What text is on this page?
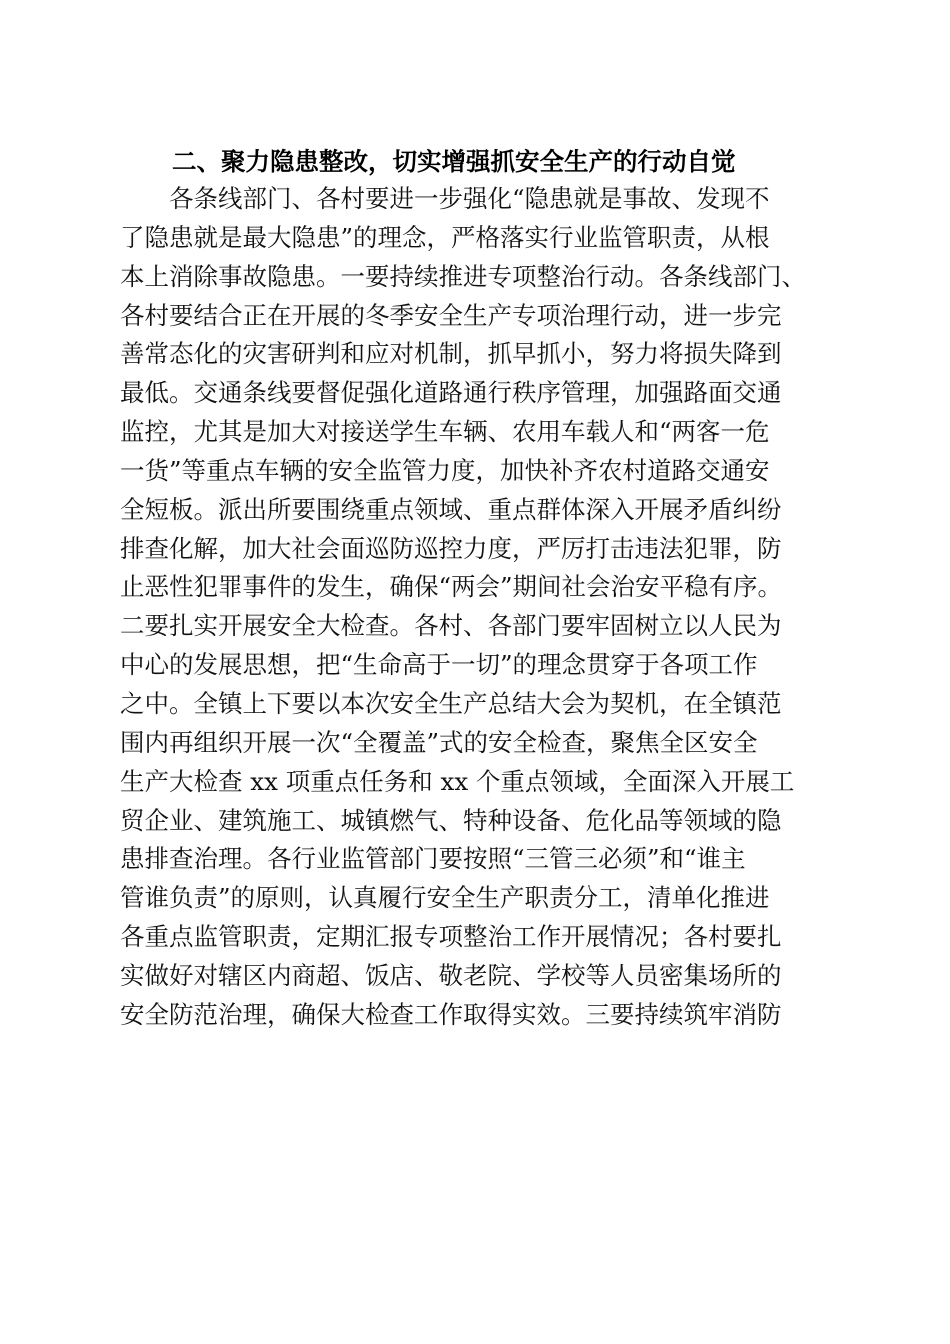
二、聚力隐患整改，切实增强抓安全生产的行动自觉
各条线部门、各村要进一步强化“隐患就是事故、发现不
了隐患就是最大隐患”的理念，严格落实行业监管职责，从根
本上消除事故隐患。一要持续推进专项整治行动。各条线部门、
各村要结合正在开展的冬季安全生产专项治理行动，进一步完
善常态化的灾害研判和应对机制，抓早抓小，努力将损失降到
最低。交通条线要督促强化道路通行秩序管理，加强路面交通
监控，尤其是加大对接送学生车辆、农用车载人和“两客一危
一货”等重点车辆的安全监管力度，加快补齐农村道路交通安
全短板。派出所要围绕重点领域、重点群体深入开展矛盾纠纷
排查化解，加大社会面巡防巡控力度，严厉打击违法犯罪，防
止恶性犯罪事件的发生，确保“两会”期间社会治安平稳有序。
二要扎实开展安全大检查。各村、各部门要牢固树立以人民为
中心的发展思想，把“生命高于一切”的理念贯穿于各项工作
之中。全镇上下要以本次安全生产总结大会为契机，在全镇范
围内再组织开展一次“全覆盖”式的安全检查，聚焦全区安全
生产大检查 xx 项重点任务和 xx 个重点领域，全面深入开展工
贸企业、建筑施工、城镇燃气、特种设备、危化品等领域的隐
患排查治理。各行业监管部门要按照“三管三必须”和“谁主
管谁负责”的原则，认真履行安全生产职责分工，清单化推进
各重点监管职责，定期汇报专项整治工作开展情况；各村要扎
实做好对辖区内商超、饭店、敬老院、学校等人员密集场所的
安全防范治理，确保大检查工作取得实效。三要持续筑牢消防
